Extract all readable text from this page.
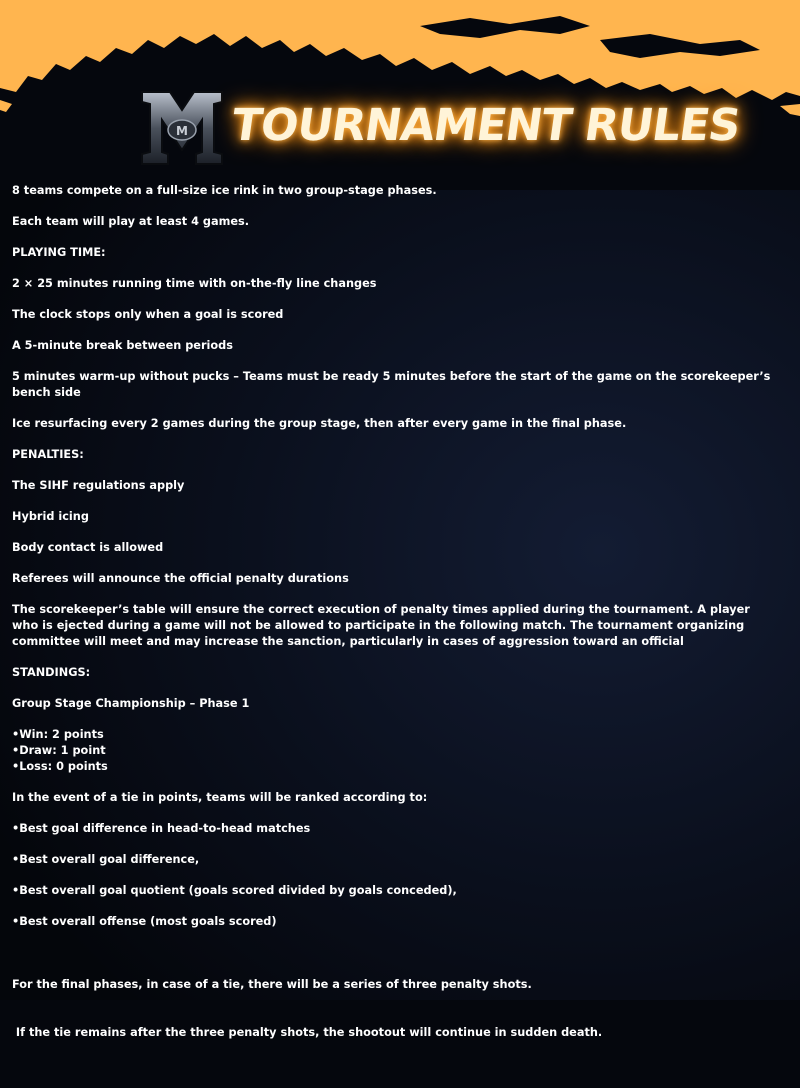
M TOURNAMENT RULES

8 teams compete on a full-size ice rink in two group-stage phases.

Each team will play at least 4 games.

PLAYING TIME:

2 × 25 minutes running time with on-the-fly line changes

The clock stops only when a goal is scored

A 5-minute break between periods

5 minutes warm-up without pucks – Teams must be ready 5 minutes before the start of the game on the scorekeeper’s bench side

Ice resurfacing every 2 games during the group stage, then after every game in the final phase.

PENALTIES:

The SIHF regulations apply

Hybrid icing

Body contact is allowed

Referees will announce the official penalty durations

The scorekeeper’s table will ensure the correct execution of penalty times applied during the tournament. A player who is ejected during a game will not be allowed to participate in the following match. The tournament organizing committee will meet and may increase the sanction, particularly in cases of aggression toward an official

STANDINGS:

Group Stage Championship – Phase 1

•Win: 2 points
•Draw: 1 point
•Loss: 0 points

In the event of a tie in points, teams will be ranked according to:

•Best goal difference in head-to-head matches

•Best overall goal difference,

•Best overall goal quotient (goals scored divided by goals conceded),

•Best overall offense (most goals scored)

For the final phases, in case of a tie, there will be a series of three penalty shots.

If the tie remains after the three penalty shots, the shootout will continue in sudden death.
